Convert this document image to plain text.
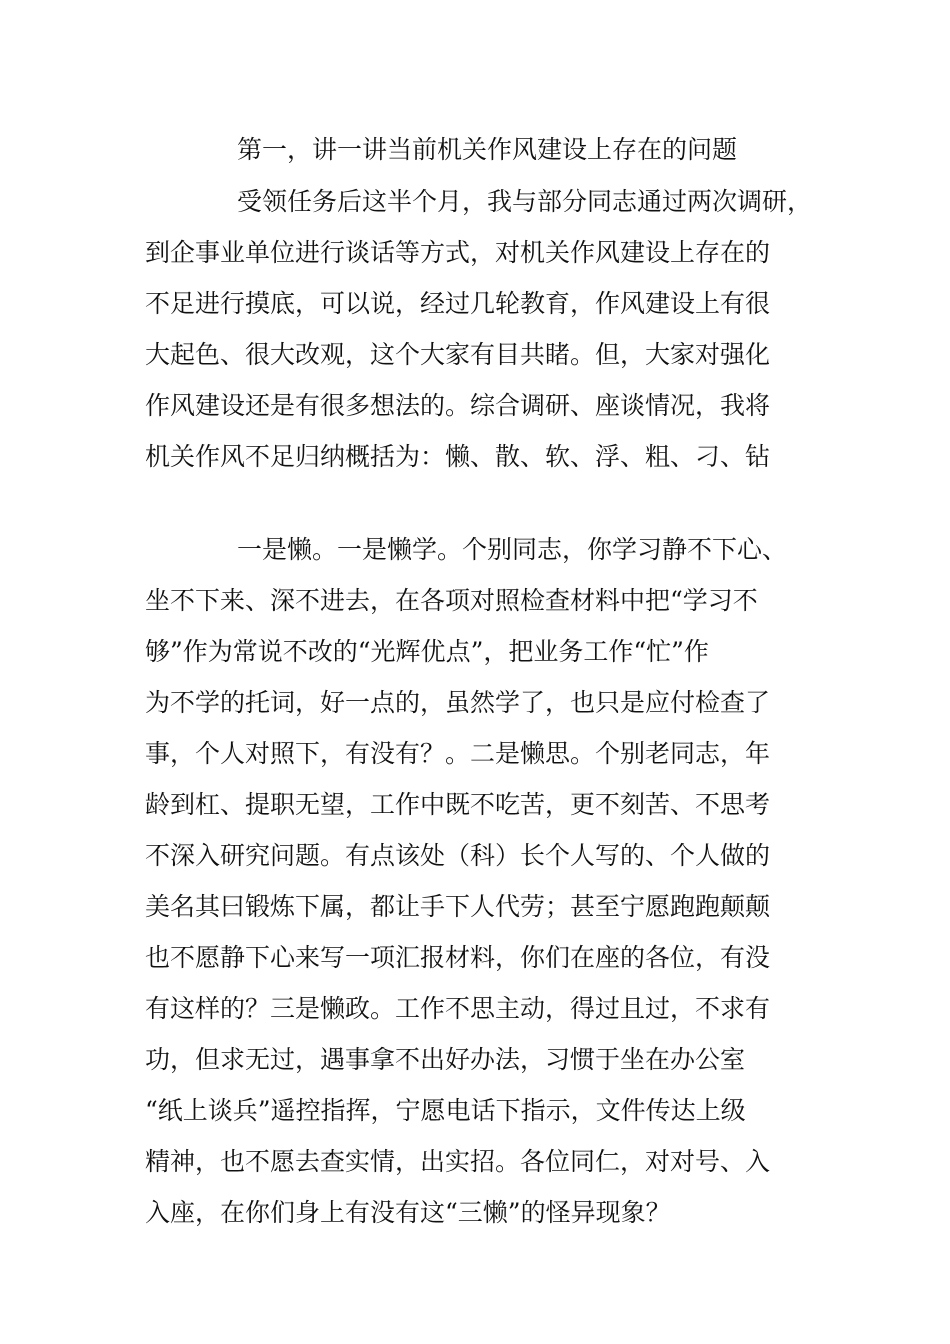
第一，讲一讲当前机关作风建设上存在的问题
受领任务后这半个月，我与部分同志通过两次调研，
到企事业单位进行谈话等方式，对机关作风建设上存在的
不足进行摸底，可以说，经过几轮教育，作风建设上有很
大起色、很大改观，这个大家有目共睹。但，大家对强化
作风建设还是有很多想法的。综合调研、座谈情况，我将
机关作风不足归纳概括为：懒、散、软、浮、粗、刁、钻
一是懒。一是懒学。个别同志，你学习静不下心、
坐不下来、深不进去，在各项对照检查材料中把“学习不
够”作为常说不改的“光辉优点”，把业务工作“忙”作
为不学的托词，好一点的，虽然学了，也只是应付检查了
事，个人对照下，有没有？。二是懒思。个别老同志，年
龄到杠、提职无望，工作中既不吃苦，更不刻苦、不思考
不深入研究问题。有点该处（科）长个人写的、个人做的
美名其曰锻炼下属，都让手下人代劳；甚至宁愿跑跑颠颠
也不愿静下心来写一项汇报材料，你们在座的各位，有没
有这样的？三是懒政。工作不思主动，得过且过，不求有
功，但求无过，遇事拿不出好办法，习惯于坐在办公室
“纸上谈兵”遥控指挥，宁愿电话下指示，文件传达上级
精神，也不愿去查实情，出实招。各位同仁，对对号、入
入座，在你们身上有没有这“三懒”的怪异现象？
